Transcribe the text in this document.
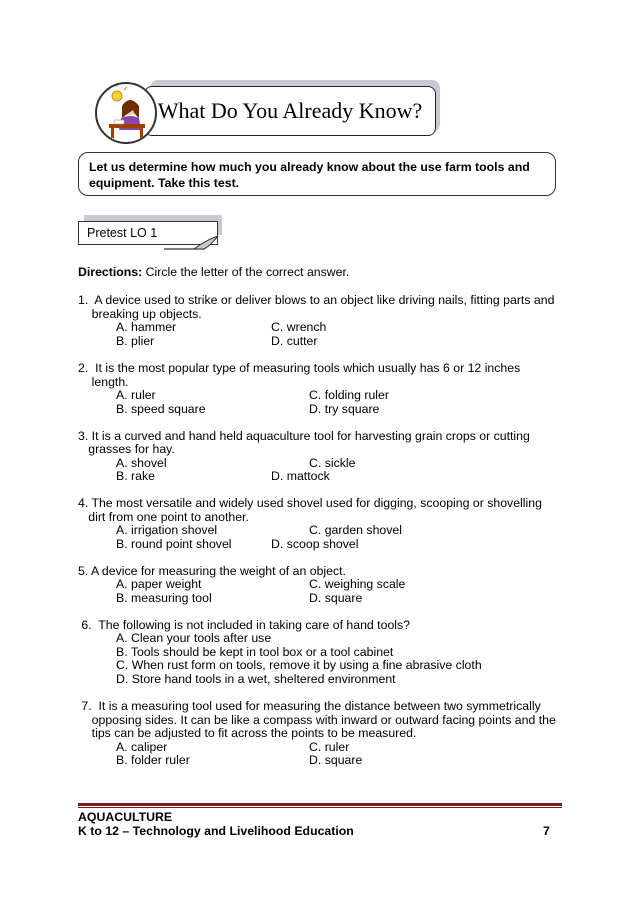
What Do You Already Know?
Let us determine how much you already know about the use farm tools and
equipment. Take this test.
Pretest LO 1
Directions: Circle the letter of the correct answer.
1.  A device used to strike or deliver blows to an object like driving nails, fitting parts and
breaking up objects.
A. hammer	C. wrench
B. plier	D. cutter
2.  It is the most popular type of measuring tools which usually has 6 or 12 inches
length.
A. ruler	C. folding ruler
B. speed square	D. try square
3. It is a curved and hand held aquaculture tool for harvesting grain crops or cutting
grasses for hay.
A. shovel	C. sickle
B. rake	D. mattock
4. The most versatile and widely used shovel used for digging, scooping or shovelling
dirt from one point to another.
A. irrigation shovel	C. garden shovel
B. round point shovel	D. scoop shovel
5. A device for measuring the weight of an object.
A. paper weight	C. weighing scale
B. measuring tool	D. square
6.  The following is not included in taking care of hand tools?
A. Clean your tools after use
B. Tools should be kept in tool box or a tool cabinet
C. When rust form on tools, remove it by using a fine abrasive cloth
D. Store hand tools in a wet, sheltered environment
7.  It is a measuring tool used for measuring the distance between two symmetrically
opposing sides. It can be like a compass with inward or outward facing points and the
tips can be adjusted to fit across the points to be measured.
A. caliper	C. ruler
B. folder ruler	D. square
AQUACULTURE
K to 12 – Technology and Livelihood Education	7
